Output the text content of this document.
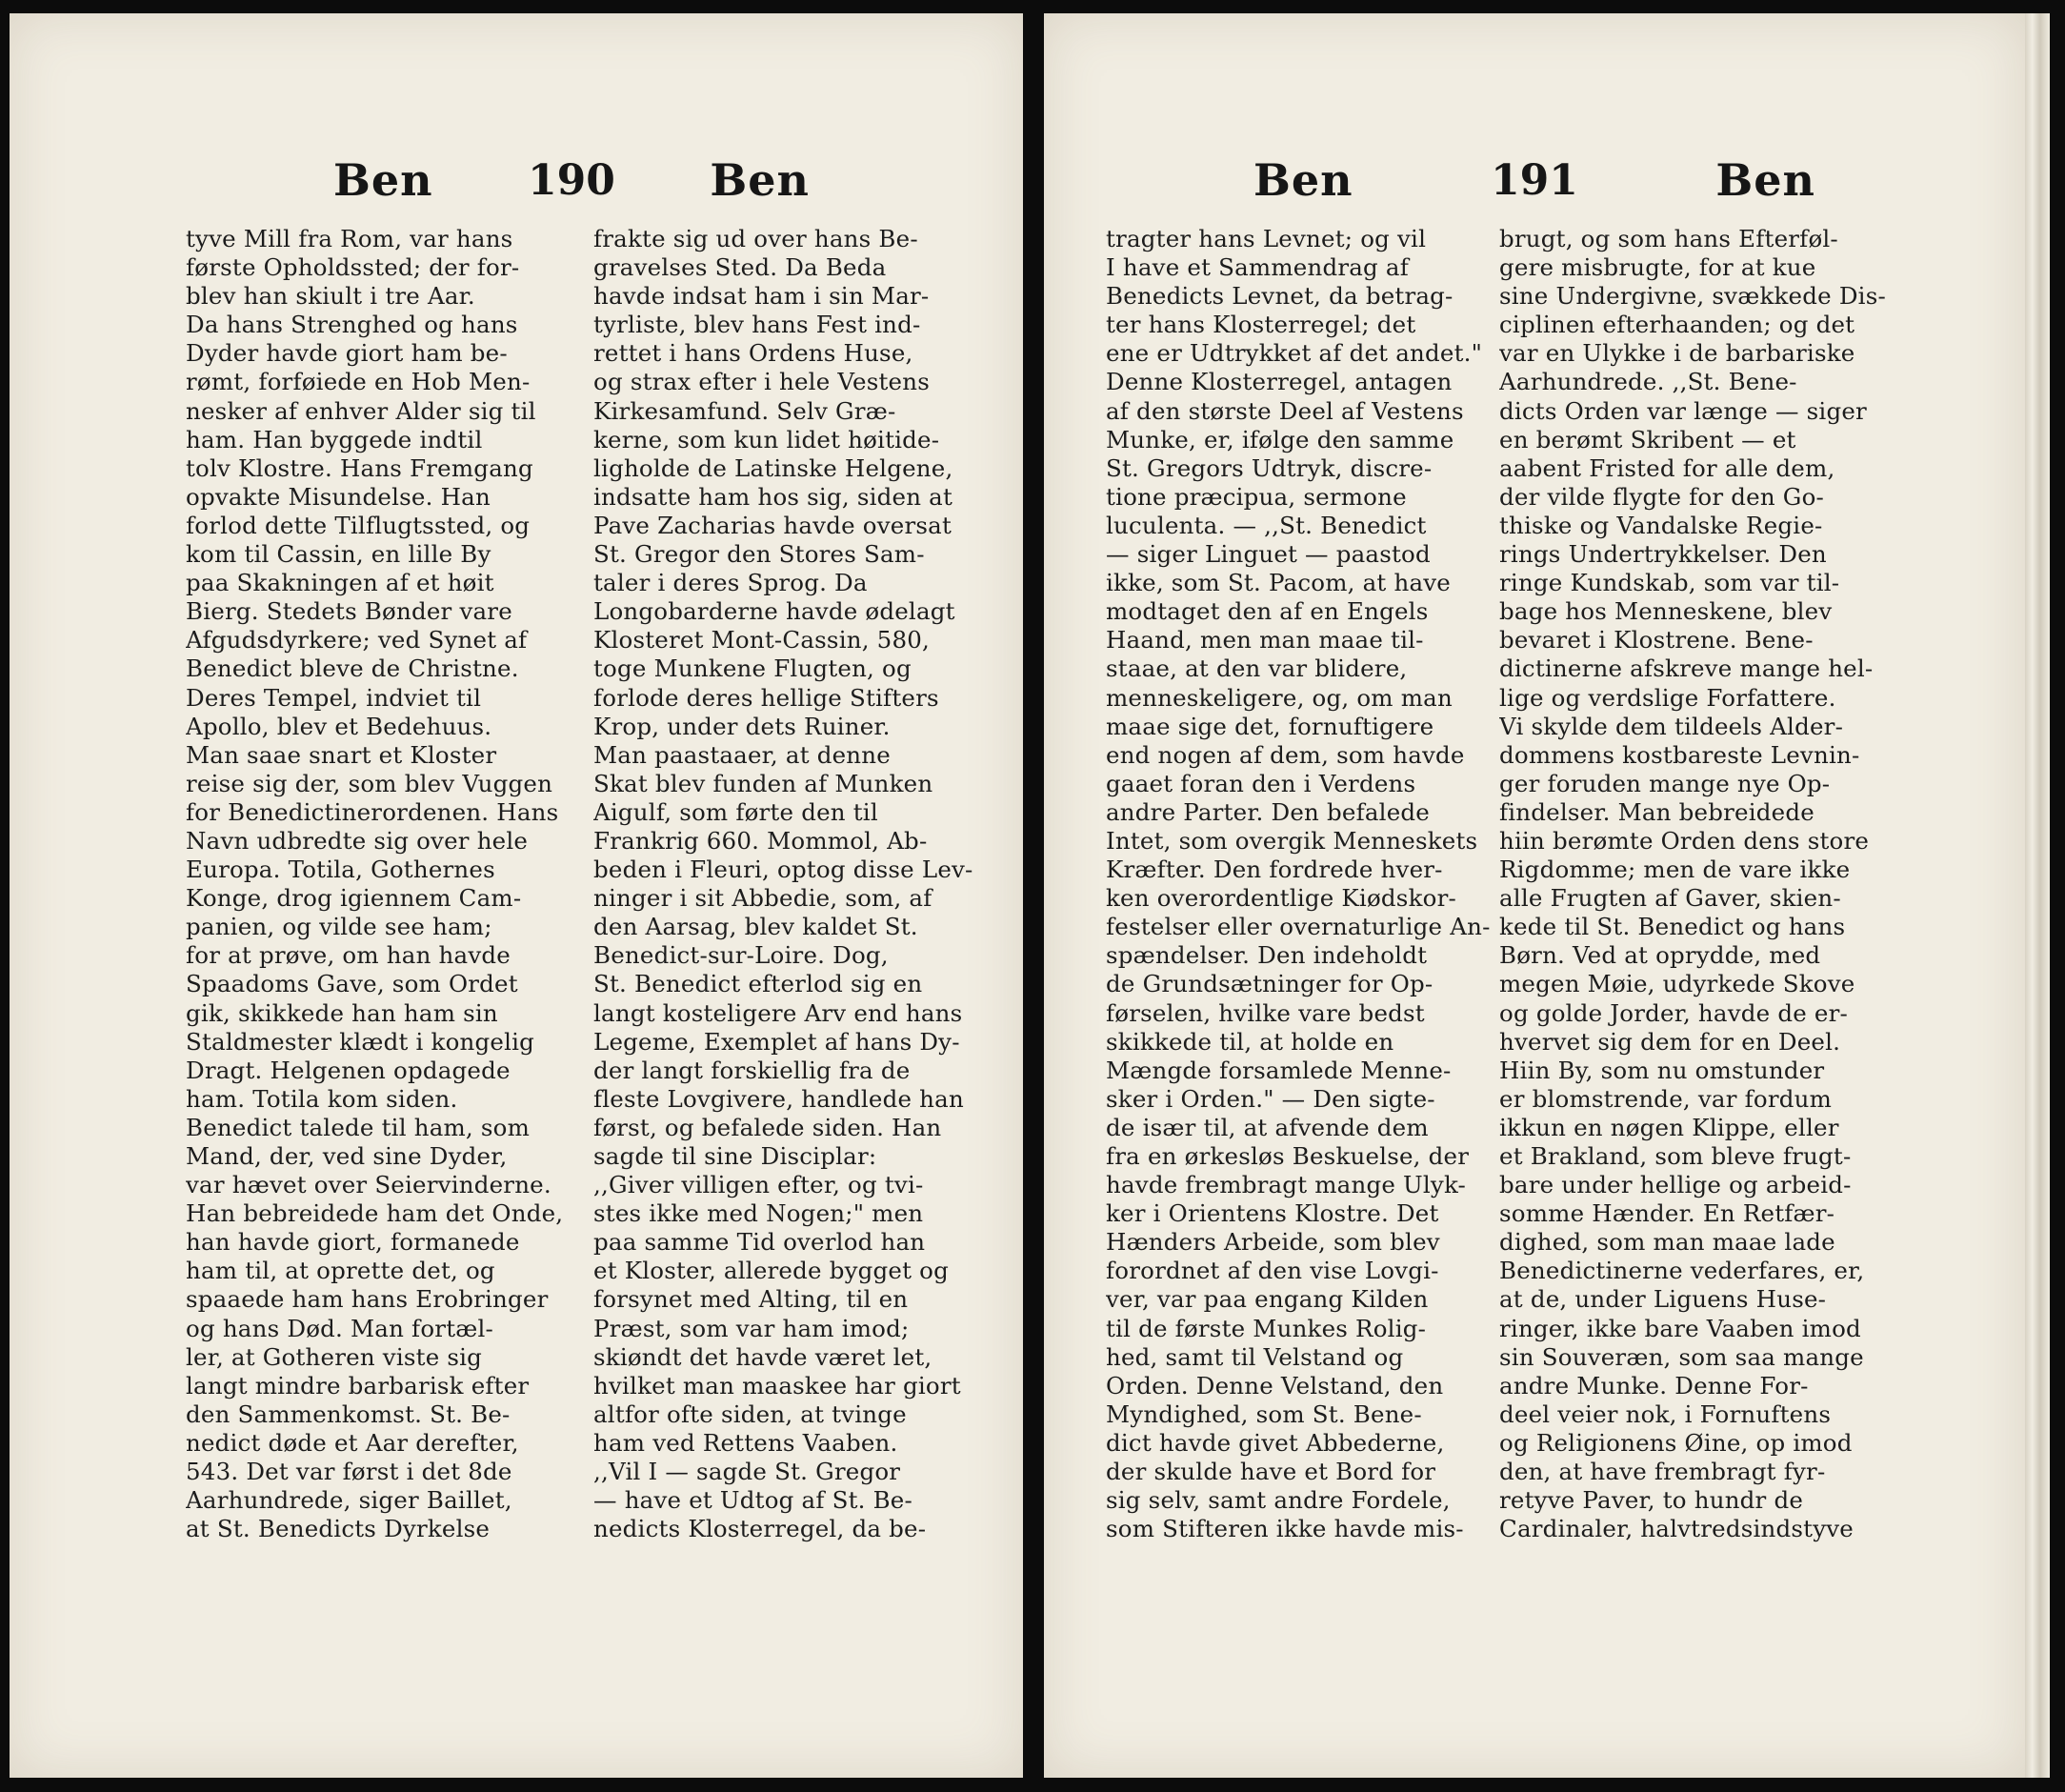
Ben 190 Ben
tyve Mill fra Rom, var hans
første Opholdssted; der for-
blev han skiult i tre Aar.
Da hans Strenghed og hans
Dyder havde giort ham be-
rømt, forføiede en Hob Men-
nesker af enhver Alder sig til
ham. Han byggede indtil
tolv Klostre. Hans Fremgang
opvakte Misundelse. Han
forlod dette Tilflugtssted, og
kom til Cassin, en lille By
paa Skakningen af et høit
Bierg. Stedets Bønder vare
Afgudsdyrkere; ved Synet af
Benedict bleve de Christne.
Deres Tempel, indviet til
Apollo, blev et Bedehuus.
Man saae snart et Kloster
reise sig der, som blev Vuggen
for Benedictinerordenen. Hans
Navn udbredte sig over hele
Europa. Totila, Gothernes
Konge, drog igiennem Cam-
panien, og vilde see ham;
for at prøve, om han havde
Spaadoms Gave, som Ordet
gik, skikkede han ham sin
Staldmester klædt i kongelig
Dragt. Helgenen opdagede
ham. Totila kom siden.
Benedict talede til ham, som
Mand, der, ved sine Dyder,
var hævet over Seiervinderne.
Han bebreidede ham det Onde,
han havde giort, formanede
ham til, at oprette det, og
spaaede ham hans Erobringer
og hans Død. Man fortæl-
ler, at Gotheren viste sig
langt mindre barbarisk efter
den Sammenkomst. St. Be-
nedict døde et Aar derefter,
543. Det var først i det 8de
Aarhundrede, siger Baillet,
at St. Benedicts Dyrkelse
frakte sig ud over hans Be-
gravelses Sted. Da Beda
havde indsat ham i sin Mar-
tyrliste, blev hans Fest ind-
rettet i hans Ordens Huse,
og strax efter i hele Vestens
Kirkesamfund. Selv Græ-
kerne, som kun lidet høitide-
ligholde de Latinske Helgene,
indsatte ham hos sig, siden at
Pave Zacharias havde oversat
St. Gregor den Stores Sam-
taler i deres Sprog. Da
Longobarderne havde ødelagt
Klosteret Mont-Cassin, 580,
toge Munkene Flugten, og
forlode deres hellige Stifters
Krop, under dets Ruiner.
Man paastaaer, at denne
Skat blev funden af Munken
Aigulf, som førte den til
Frankrig 660. Mommol, Ab-
beden i Fleuri, optog disse Lev-
ninger i sit Abbedie, som, af
den Aarsag, blev kaldet St.
Benedict-sur-Loire. Dog,
St. Benedict efterlod sig en
langt kosteligere Arv end hans
Legeme, Exemplet af hans Dy-
der langt forskiellig fra de
fleste Lovgivere, handlede han
først, og befalede siden. Han
sagde til sine Disciplar:
,,Giver villigen efter, og tvi-
stes ikke med Nogen;" men
paa samme Tid overlod han
et Kloster, allerede bygget og
forsynet med Alting, til en
Præst, som var ham imod;
skiøndt det havde været let,
hvilket man maaskee har giort
altfor ofte siden, at tvinge
ham ved Rettens Vaaben.
,,Vil I — sagde St. Gregor
— have et Udtog af St. Be-
nedicts Klosterregel, da be-
Ben	191	Ben
tragter hans Levnet; og vil
I have et Sammendrag af
Benedicts Levnet, da betrag-
ter hans Klosterregel; det
ene er Udtrykket af det andet."
Denne Klosterregel, antagen
af den største Deel af Vestens
Munke, er, ifølge den samme
St. Gregors Udtryk, discre-
tione præcipua, sermone
luculenta. — ,,St. Benedict
— siger Linguet — paastod
ikke, som St. Pacom, at have
modtaget den af en Engels
Haand, men man maae til-
staae, at den var blidere,
menneskeligere, og, om man
maae sige det, fornuftigere
end nogen af dem, som havde
gaaet foran den i Verdens
andre Parter. Den befalede
Intet, som overgik Menneskets
Kræfter. Den fordrede hver-
ken overordentlige Kiødskor-
festelser eller overnaturlige An-
spændelser. Den indeholdt
de Grundsætninger for Op-
førselen, hvilke vare bedst
skikkede til, at holde en
Mængde forsamlede Menne-
sker i Orden." — Den sigte-
de især til, at afvende dem
fra en ørkesløs Beskuelse, der
havde frembragt mange Ulyk-
ker i Orientens Klostre. Det
Hænders Arbeide, som blev
forordnet af den vise Lovgi-
ver, var paa engang Kilden
til de første Munkes Rolig-
hed, samt til Velstand og
Orden. Denne Velstand, den
Myndighed, som St. Bene-
dict havde givet Abbederne,
der skulde have et Bord for
sig selv, samt andre Fordele,
som Stifteren ikke havde mis-
brugt, og som hans Efterføl-
gere misbrugte, for at kue
sine Undergivne, svækkede Dis-
ciplinen efterhaanden; og det
var en Ulykke i de barbariske
Aarhundrede. ,,St. Bene-
dicts Orden var længe — siger
en berømt Skribent — et
aabent Fristed for alle dem,
der vilde flygte for den Go-
thiske og Vandalske Regie-
rings Undertrykkelser. Den
ringe Kundskab, som var til-
bage hos Menneskene, blev
bevaret i Klostrene. Bene-
dictinerne afskreve mange hel-
lige og verdslige Forfattere.
Vi skylde dem tildeels Alder-
dommens kostbareste Levnin-
ger foruden mange nye Op-
findelser. Man bebreidede
hiin berømte Orden dens store
Rigdomme; men de vare ikke
alle Frugten af Gaver, skien-
kede til St. Benedict og hans
Børn. Ved at oprydde, med
megen Møie, udyrkede Skove
og golde Jorder, havde de er-
hvervet sig dem for en Deel.
Hiin By, som nu omstunder
er blomstrende, var fordum
ikkun en nøgen Klippe, eller
et Brakland, som bleve frugt-
bare under hellige og arbeid-
somme Hænder. En Retfær-
dighed, som man maae lade
Benedictinerne vederfares, er,
at de, under Liguens Huse-
ringer, ikke bare Vaaben imod
sin Souveræn, som saa mange
andre Munke. Denne For-
deel veier nok, i Fornuftens
og Religionens Øine, op imod
den, at have frembragt fyr-
retyve Paver, to hundr de
Cardinaler, halvtredsindstyve
